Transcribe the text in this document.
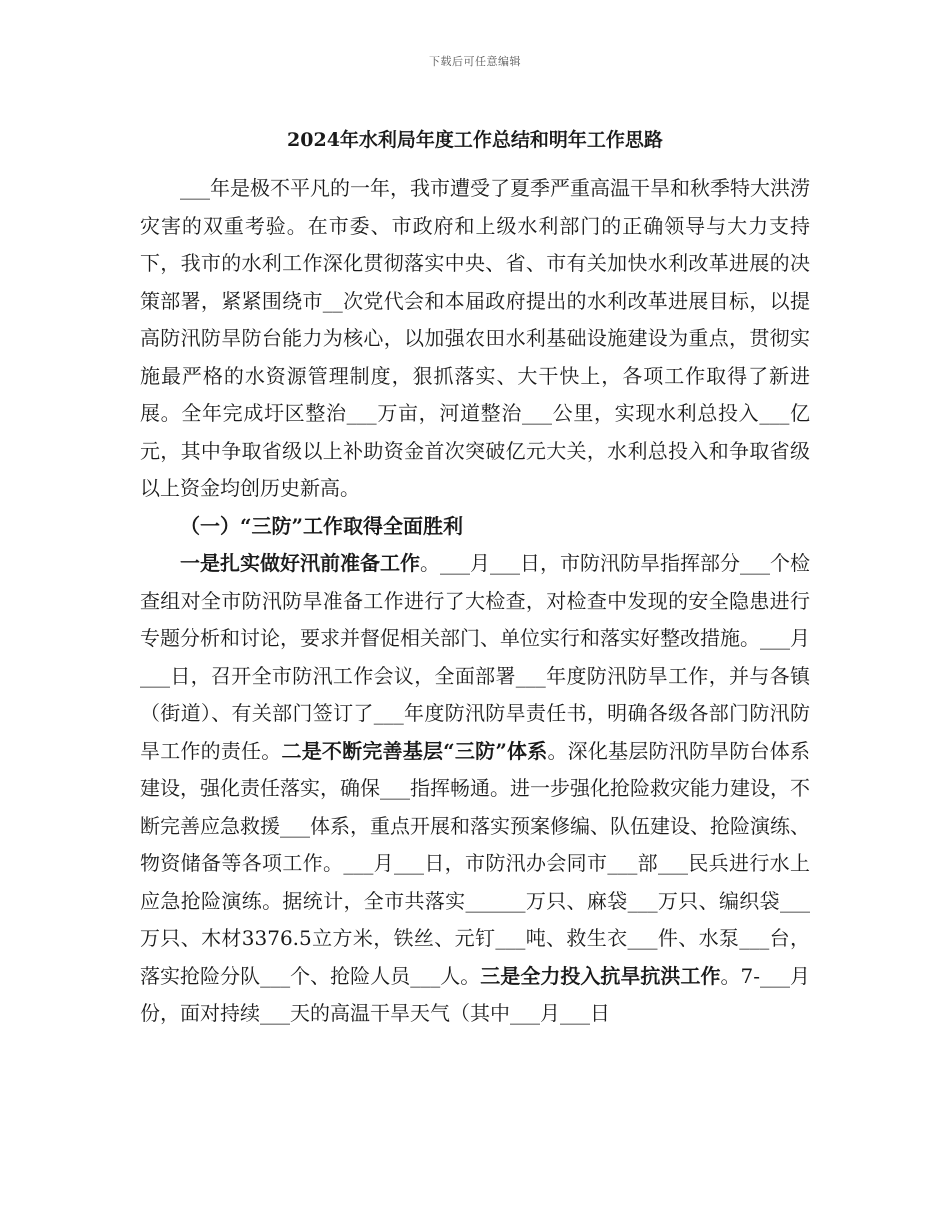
下载后可任意编辑
2024年水利局年度工作总结和明年工作思路

___年是极不平凡的一年，我市遭受了夏季严重高温干旱和秋季特大洪涝灾害的双重考验。在市委、市政府和上级水利部门的正确领导与大力支持下，我市的水利工作深化贯彻落实中央、省、市有关加快水利改革进展的决策部署，紧紧围绕市__次党代会和本届政府提出的水利改革进展目标，以提高防汛防旱防台能力为核心，以加强农田水利基础设施建设为重点，贯彻实施最严格的水资源管理制度，狠抓落实、大干快上，各项工作取得了新进展。全年完成圩区整治___万亩，河道整治___公里，实现水利总投入___亿元，其中争取省级以上补助资金首次突破亿元大关，水利总投入和争取省级以上资金均创历史新高。

（一）“三防”工作取得全面胜利

一是扎实做好汛前准备工作。___月___日，市防汛防旱指挥部分___个检查组对全市防汛防旱准备工作进行了大检查，对检查中发现的安全隐患进行专题分析和讨论，要求并督促相关部门、单位实行和落实好整改措施。___月___日，召开全市防汛工作会议，全面部署___年度防汛防旱工作，并与各镇（街道）、有关部门签订了___年度防汛防旱责任书，明确各级各部门防汛防旱工作的责任。二是不断完善基层“三防”体系。深化基层防汛防旱防台体系建设，强化责任落实，确保___指挥畅通。进一步强化抢险救灾能力建设，不断完善应急救援___体系，重点开展和落实预案修编、队伍建设、抢险演练、物资储备等各项工作。___月___日，市防汛办会同市___部___民兵进行水上应急抢险演练。据统计，全市共落实______万只、麻袋___万只、编织袋___万只、木材3376.5立方米，铁丝、元钉___吨、救生衣___件、水泵___台，落实抢险分队___个、抢险人员___人。三是全力投入抗旱抗洪工作。7-___月份，面对持续___天的高温干旱天气（其中___月___日
